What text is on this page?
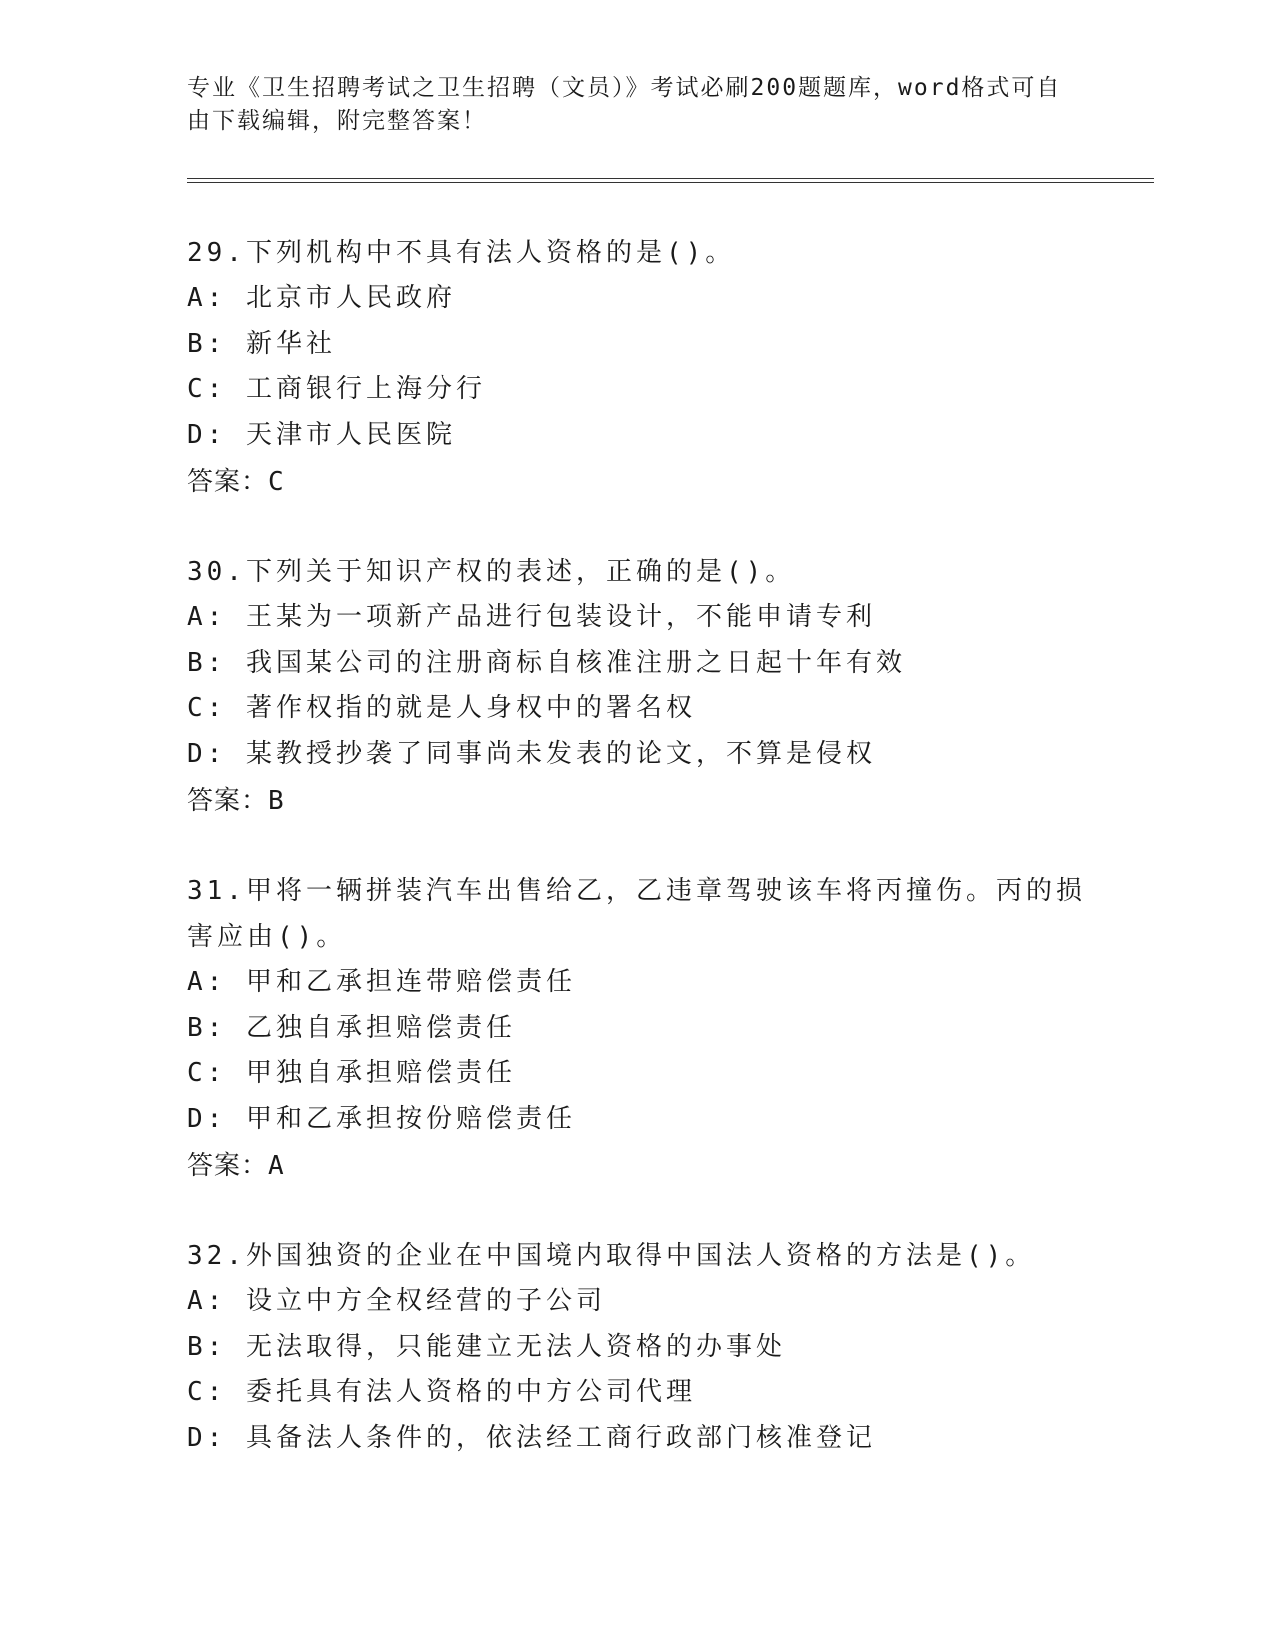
专业《卫生招聘考试之卫生招聘（文员）》考试必刷200题题库，word格式可自由下载编辑，附完整答案！
29.下列机构中不具有法人资格的是()。
A: 北京市人民政府
B: 新华社
C: 工商银行上海分行
D: 天津市人民医院
答案：C
30.下列关于知识产权的表述，正确的是()。
A: 王某为一项新产品进行包装设计，不能申请专利
B: 我国某公司的注册商标自核准注册之日起十年有效
C: 著作权指的就是人身权中的署名权
D: 某教授抄袭了同事尚未发表的论文，不算是侵权
答案：B
31.甲将一辆拼装汽车出售给乙，乙违章驾驶该车将丙撞伤。丙的损害应由()。
A: 甲和乙承担连带赔偿责任
B: 乙独自承担赔偿责任
C: 甲独自承担赔偿责任
D: 甲和乙承担按份赔偿责任
答案：A
32.外国独资的企业在中国境内取得中国法人资格的方法是()。
A: 设立中方全权经营的子公司
B: 无法取得，只能建立无法人资格的办事处
C: 委托具有法人资格的中方公司代理
D: 具备法人条件的，依法经工商行政部门核准登记
